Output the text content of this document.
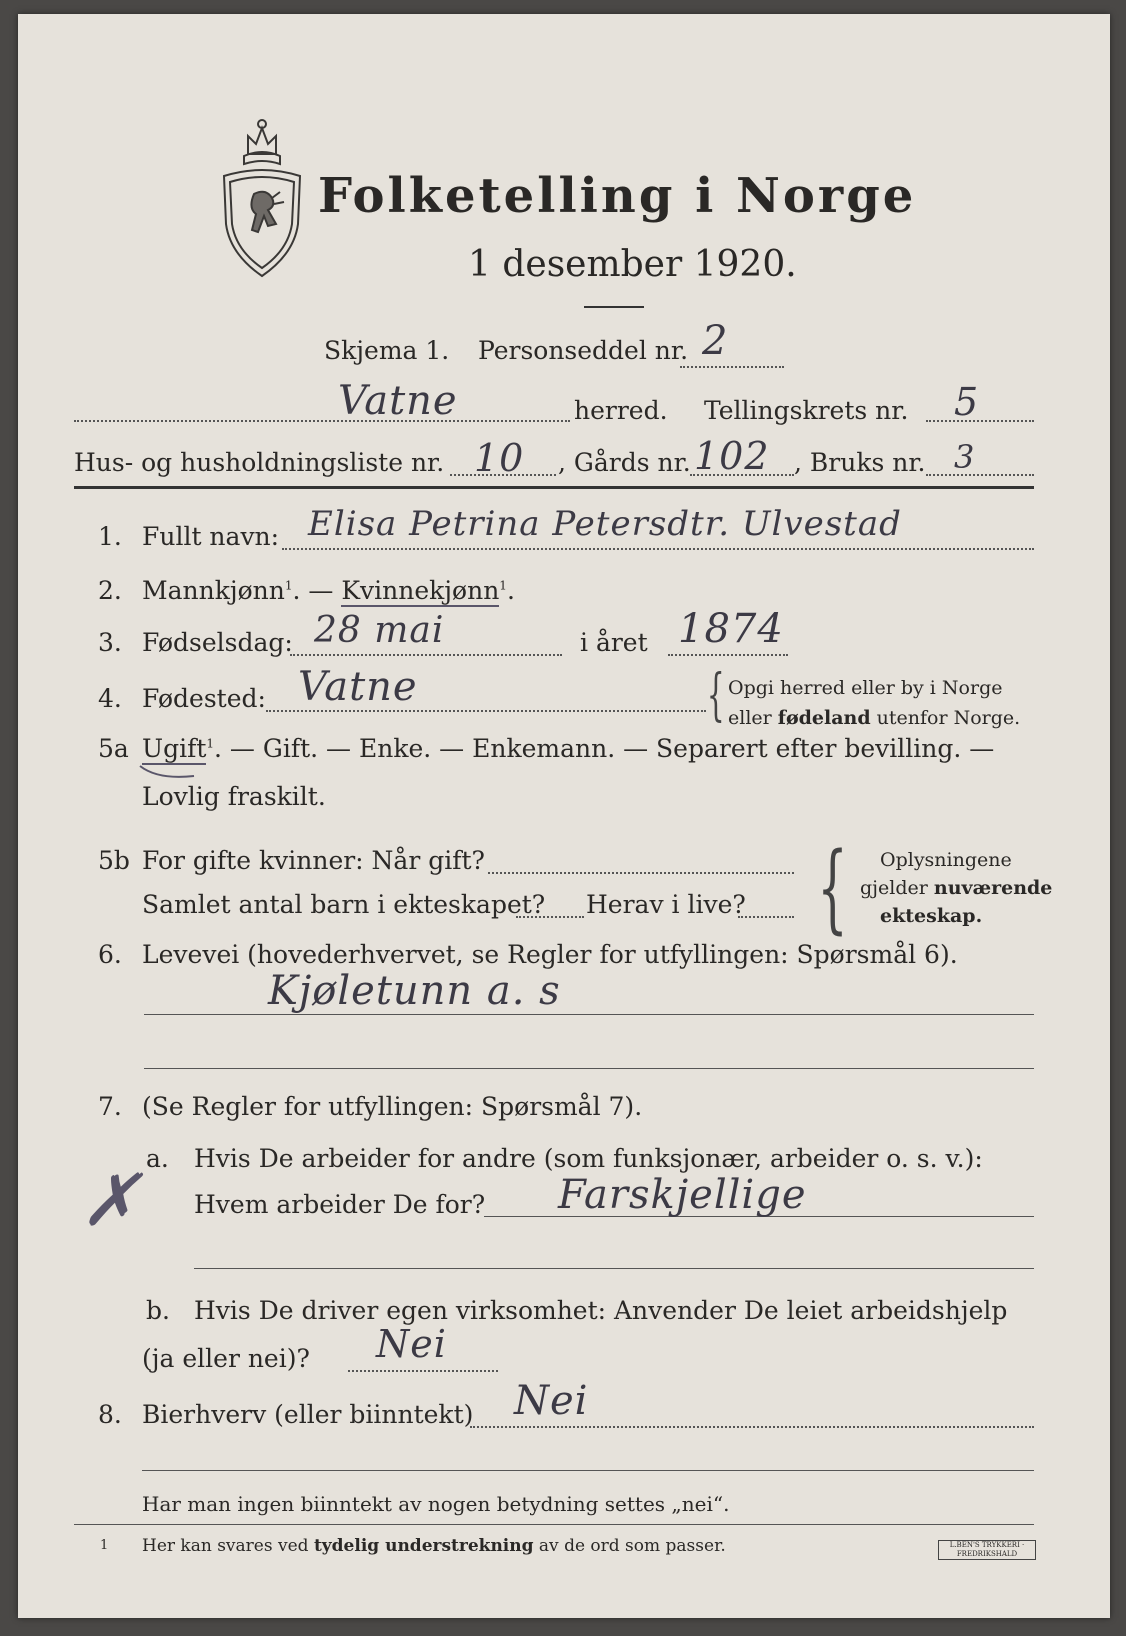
Folketelling i Norge
1 desember 1920.
Skjema 1. Personseddel nr. 2
Vatne	herred. Tellingskrets nr. 5
Hus- og husholdningsliste nr. 10 , Gårds nr. 102 , Bruks nr. 3
1. Fullt navn: Elisa Petrina Petersdtr. Ulvestad
2. Mannkjønn$^1$. — Kvinnekjønn$^1$.
3. Fødselsdag: 28 mai	i året 1874
4. Fødested: Vatne	{ Opgi herred eller by i Norge
eller fødeland utenfor Norge.
5a Ugift$^1$. — Gift. — Enke. — Enkemann. — Separert efter bevilling. —
Lovlig fraskilt.
5b For gifte kvinner: Når gift?
Samlet antal barn i ekteskapet? Herav i live? { Oplysningene
gjelder nuværende
ekteskap.
6. Levevei (hovederhvervet, se Regler for utfyllingen: Spørsmål 6).
Kjøletunn a. s
7. (Se Regler for utfyllingen: Spørsmål 7).
a. Hvis De arbeider for andre (som funksjonær, arbeider o. s. v.):
Hvem arbeider De for? Farskjellige
✗
b. Hvis De driver egen virksomhet: Anvender De leiet arbeidshjelp
(ja eller nei)? Nei
8. Bierhverv (eller biinntekt) Nei
Har man ingen biinntekt av nogen betydning settes „nei“.
1 Her kan svares ved tydelig understrekning av de ord som passer.	L.BEN'S TRYKKERI · FREDRIKSHALD
